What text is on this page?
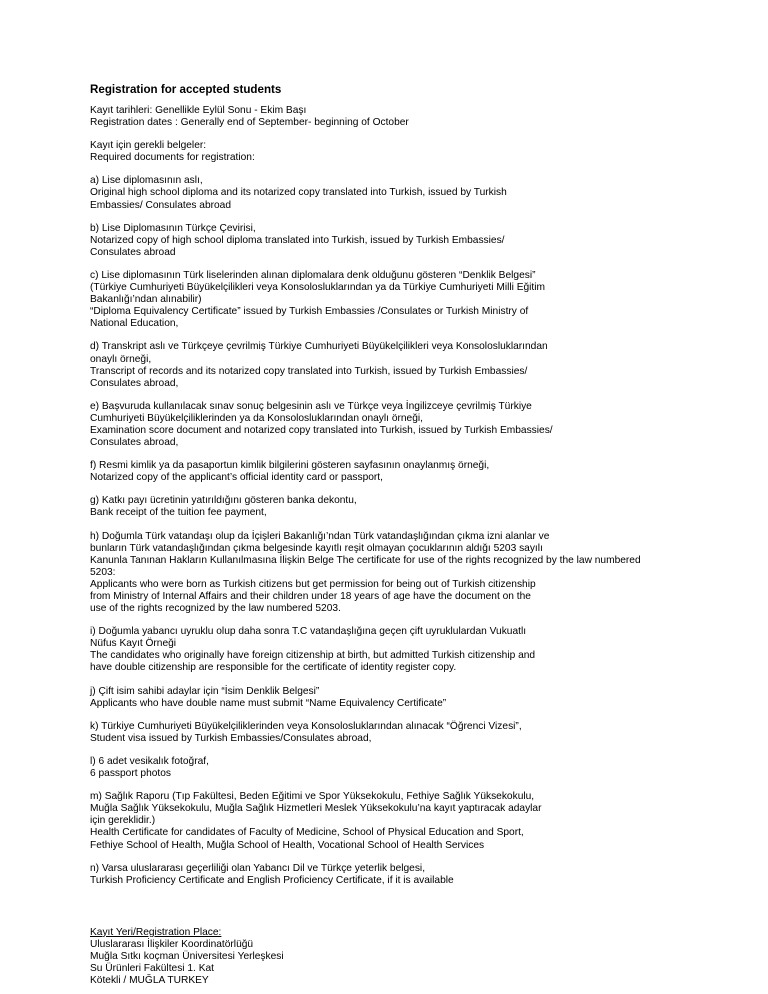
Registration for accepted students
Kayıt tarihleri: Genellikle Eylül Sonu - Ekim Başı
Registration dates : Generally end of September- beginning of October
Kayıt için gerekli belgeler:
Required documents for registration:
a) Lise diplomasının aslı,
Original high school diploma and its notarized copy translated into Turkish, issued by Turkish
Embassies/ Consulates abroad
b) Lise Diplomasının Türkçe Çevirisi,
Notarized copy of high school diploma translated into Turkish, issued by Turkish Embassies/
Consulates abroad
c) Lise diplomasının Türk liselerinden alınan diplomalara denk olduğunu gösteren “Denklik Belgesi”
(Türkiye Cumhuriyeti Büyükelçilikleri veya Konsolosluklarından ya da Türkiye Cumhuriyeti Milli Eğitim
Bakanlığı’ndan alınabilir)
“Diploma Equivalency Certificate” issued by Turkish Embassies /Consulates or Turkish Ministry of
National Education,
d) Transkript aslı ve Türkçeye çevrilmiş Türkiye Cumhuriyeti Büyükelçilikleri veya Konsolosluklarından
onaylı örneği,
Transcript of records and its notarized copy translated into Turkish, issued by Turkish Embassies/
Consulates abroad,
e) Başvuruda kullanılacak sınav sonuç belgesinin aslı ve Türkçe veya İngilizceye çevrilmiş Türkiye
Cumhuriyeti Büyükelçiliklerinden ya da Konsolosluklarından onaylı örneği,
Examination score document and notarized copy translated into Turkish, issued by Turkish Embassies/
Consulates abroad,
f) Resmi kimlik ya da pasaportun kimlik bilgilerini gösteren sayfasının onaylanmış örneği,
Notarized copy of the applicant’s official identity card or passport,
g) Katkı payı ücretinin yatırıldığını gösteren banka dekontu,
Bank receipt of the tuition fee payment,
h) Doğumla Türk vatandaşı olup da İçişleri Bakanlığı’ndan Türk vatandaşlığından çıkma izni alanlar ve
bunların Türk vatandaşlığından çıkma belgesinde kayıtlı reşit olmayan çocuklarının aldığı 5203 sayılı
Kanunla Tanınan Hakların Kullanılmasına İlişkin Belge The certificate for use of the rights recognized by the law numbered
5203:
Applicants who were born as Turkish citizens but get permission for being out of Turkish citizenship
from Ministry of Internal Affairs and their children under 18 years of age have the document on the
use of the rights recognized by the law numbered 5203.
i) Doğumla yabancı uyruklu olup daha sonra T.C vatandaşlığına geçen çift uyruklulardan Vukuatlı
Nüfus Kayıt Örneği
The candidates who originally have foreign citizenship at birth, but admitted Turkish citizenship and
have double citizenship are responsible for the certificate of identity register copy.
j) Çift isim sahibi adaylar için “İsim Denklik Belgesi”
Applicants who have double name must submit “Name Equivalency Certificate”
k) Türkiye Cumhuriyeti Büyükelçiliklerinden veya Konsolosluklarından alınacak “Öğrenci Vizesi”,
Student visa issued by Turkish Embassies/Consulates abroad,
l) 6 adet vesikalık fotoğraf,
6 passport photos
m) Sağlık Raporu (Tıp Fakültesi, Beden Eğitimi ve Spor Yüksekokulu, Fethiye Sağlık Yüksekokulu,
Muğla Sağlık Yüksekokulu, Muğla Sağlık Hizmetleri Meslek Yüksekokulu’na kayıt yaptıracak adaylar
için gereklidir.)
Health Certificate for candidates of Faculty of Medicine, School of Physical Education and Sport,
Fethiye School of Health, Muğla School of Health, Vocational School of Health Services
n) Varsa uluslararası geçerliliği olan Yabancı Dil ve Türkçe yeterlik belgesi,
Turkish Proficiency Certificate and English Proficiency Certificate, if it is available
Kayıt Yeri/Registration Place:
Uluslararası İlişkiler Koordinatörlüğü
Muğla Sıtkı koçman Üniversitesi Yerleşkesi
Su Ürünleri Fakültesi 1. Kat
Kötekli / MUĞLA TURKEY
